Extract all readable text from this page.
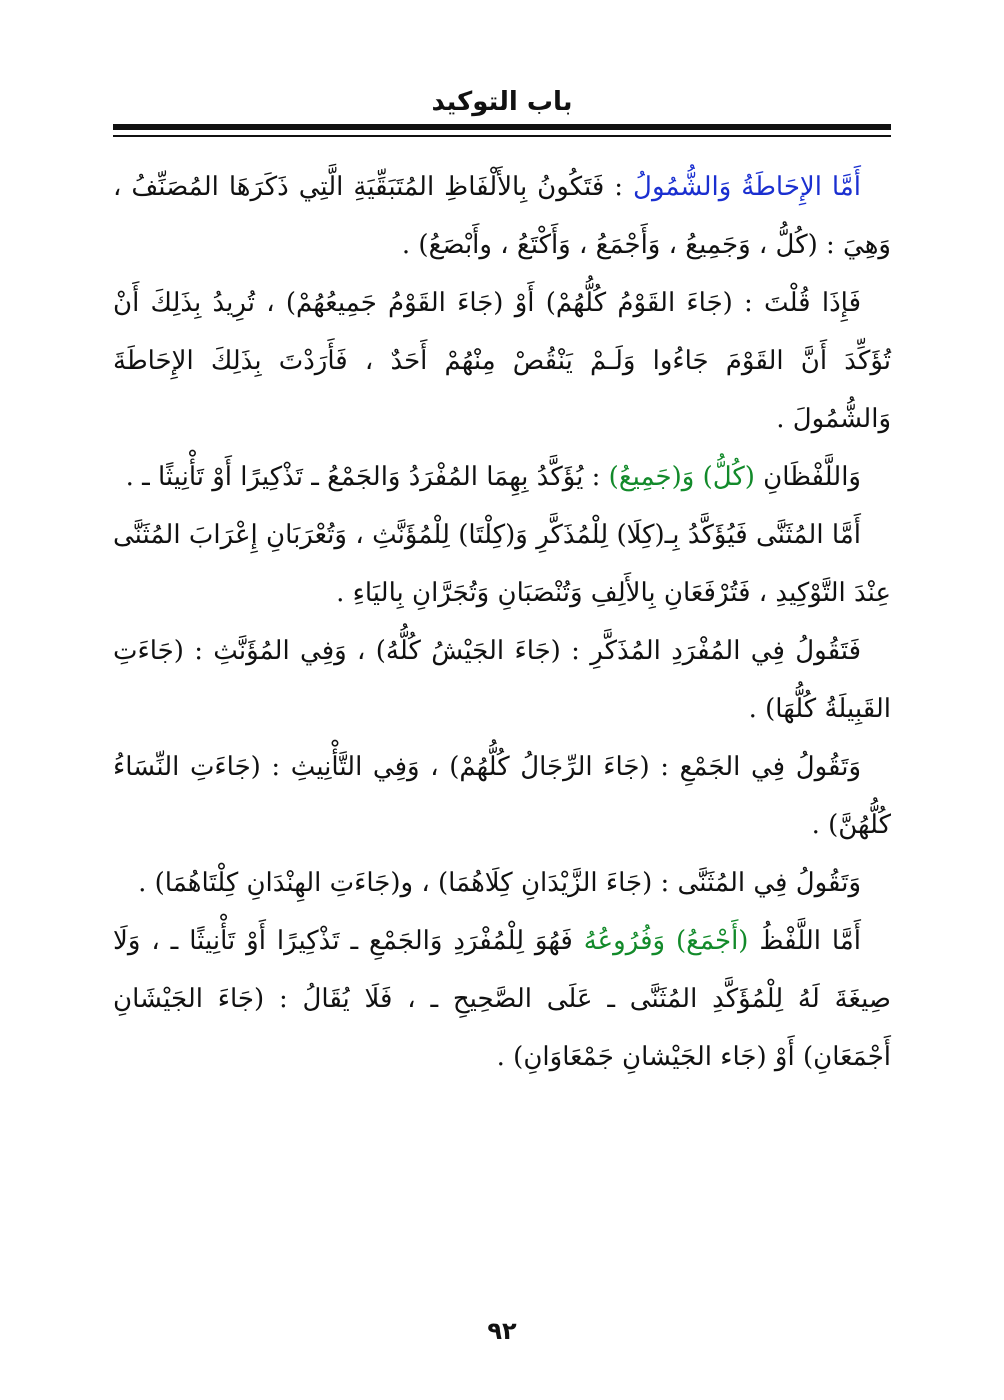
باب التوكيد

أَمَّا الإِحَاطَةُ وَالشُّمُولُ : فَتَكُونُ بِالأَلْفَاظِ المُتَبَقِّيَةِ الَّتِي ذَكَرَهَا المُصَنِّفُ ، وَهِيَ : (كُلُّ ، وَجَمِيعُ ، وَأَجْمَعُ ، وَأَكْتَعُ ، وأَبْصَعُ) .

فَإِذَا قُلْتَ : (جَاءَ القَوْمُ كُلُّهُمْ) أَوْ (جَاءَ القَوْمُ جَمِيعُهُمْ) ، تُرِيدُ بِذَلِكَ أَنْ تُؤَكِّدَ أَنَّ القَوْمَ جَاءُوا وَلَـمْ يَنْقُصْ مِنْهُمْ أَحَدٌ ، فَأَرَدْتَ بِذَلِكَ الإِحَاطَةَ وَالشُّمُولَ .

وَاللَّفْظَانِ (كُلُّ) وَ(جَمِيعُ) : يُؤَكَّدُ بِهِمَا المُفْرَدُ وَالجَمْعُ ـ تَذْكِيرًا أَوْ تَأْنِيثًا ـ .

أَمَّا المُثَنَّى فَيُؤَكَّدُ بِـ(كِلَا) لِلْمُذَكَّرِ وَ(كِلْتَا) لِلْمُؤَنَّثِ ، وَتُعْرَبَانِ إِعْرَابَ المُثَنَّى عِنْدَ التَّوْكِيدِ ، فَتُرْفَعَانِ بِالأَلِفِ وَتُنْصَبَانِ وَتُجَرَّانِ بِاليَاءِ .

فَتَقُولُ فِي المُفْرَدِ المُذَكَّرِ : (جَاءَ الجَيْشُ كُلُّهُ) ، وَفِي المُؤَنَّثِ : (جَاءَتِ القَبِيلَةُ كُلُّهَا) .

وَتَقُولُ فِي الجَمْعِ : (جَاءَ الرِّجَالُ كُلُّهُمْ) ، وَفِي التَّأْنِيثِ : (جَاءَتِ النِّسَاءُ كُلُّهُنَّ) .

وَتَقُولُ فِي المُثَنَّى : (جَاءَ الزَّيْدَانِ كِلَاهُمَا) ، و(جَاءَتِ الهِنْدَانِ كِلْتَاهُمَا) .

أَمَّا اللَّفْظُ (أَجْمَعُ) وَفُرُوعُهُ فَهُوَ لِلْمُفْرَدِ وَالجَمْعِ ـ تَذْكِيرًا أَوْ تَأْنِيثًا ـ ، وَلَا صِيغَةَ لَهُ لِلْمُؤَكَّدِ المُثَنَّى ـ عَلَى الصَّحِيحِ ـ ، فَلَا يُقَالُ : (جَاءَ الجَيْشَانِ أَجْمَعَانِ) أَوْ (جَاء الجَيْشانِ جَمْعَاوَانِ) .

٩٢
